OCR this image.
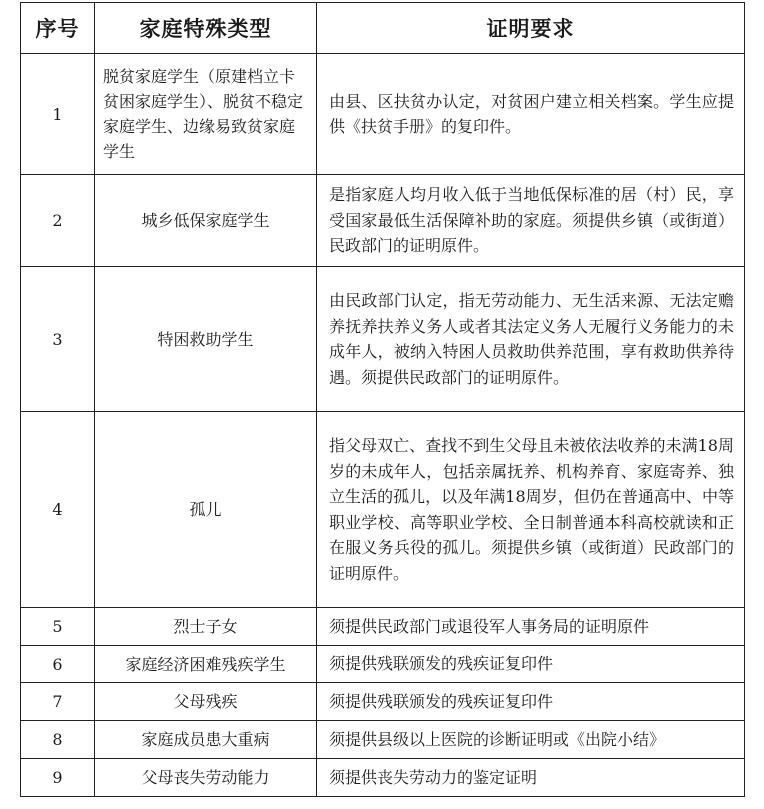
序号	家庭特殊类型	证明要求
1	脱贫家庭学生（原建档立卡贫困家庭学生）、脱贫不稳定家庭学生、边缘易致贫家庭学生	由县、区扶贫办认定，对贫困户建立相关档案。学生应提供《扶贫手册》的复印件。
2	城乡低保家庭学生	是指家庭人均月收入低于当地低保标准的居（村）民，享受国家最低生活保障补助的家庭。须提供乡镇（或街道）民政部门的证明原件。
3	特困救助学生	由民政部门认定，指无劳动能力、无生活来源、无法定赡养抚养扶养义务人或者其法定义务人无履行义务能力的未成年人，被纳入特困人员救助供养范围，享有救助供养待遇。须提供民政部门的证明原件。
4	孤儿	指父母双亡、查找不到生父母且未被依法收养的未满18周岁的未成年人，包括亲属抚养、机构养育、家庭寄养、独立生活的孤儿，以及年满18周岁，但仍在普通高中、中等职业学校、高等职业学校、全日制普通本科高校就读和正在服义务兵役的孤儿。须提供乡镇（或街道）民政部门的证明原件。
5	烈士子女	须提供民政部门或退役军人事务局的证明原件
6	家庭经济困难残疾学生	须提供残联颁发的残疾证复印件
7	父母残疾	须提供残联颁发的残疾证复印件
8	家庭成员患大重病	须提供县级以上医院的诊断证明或《出院小结》
9	父母丧失劳动能力	须提供丧失劳动力的鉴定证明
